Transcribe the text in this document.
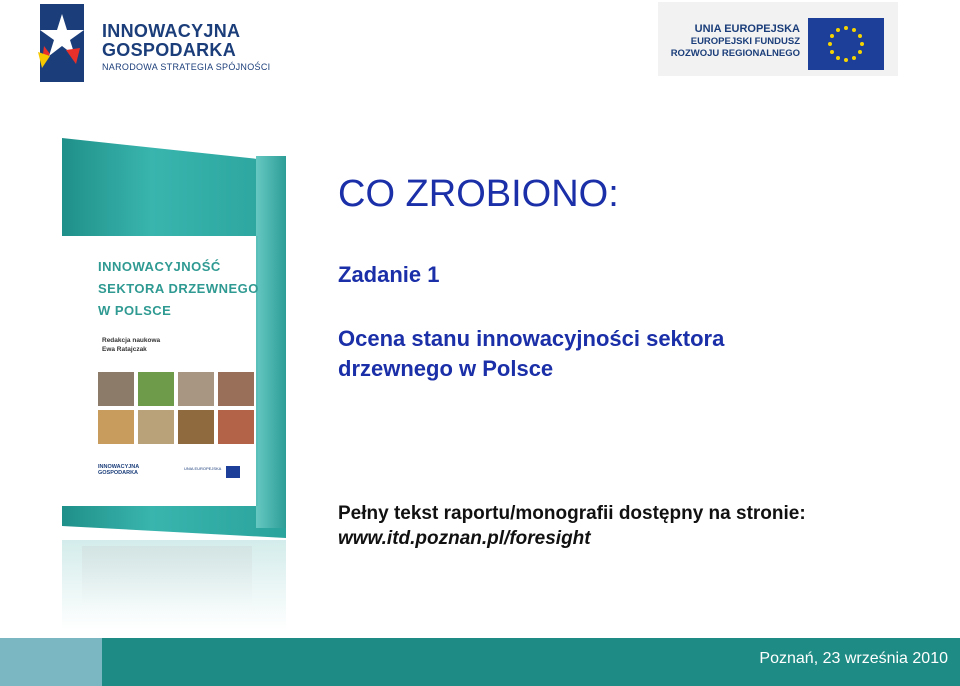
INNOWACYJNA
GOSPODARKA
NARODOWA STRATEGIA SPÓJNOŚCI
UNIA EUROPEJSKA
EUROPEJSKI FUNDUSZ
ROZWOJU REGIONALNEGO
INNOWACYJNOŚĆ
SEKTORA DRZEWNEGO
W POLSCE
Redakcja naukowa
Ewa Ratajczak
INNOWACYJNA
GOSPODARKA
UNIA EUROPEJSKA
CO ZROBIONO:
Zadanie 1
Ocena stanu innowacyjności sektora
drzewnego w Polsce
Pełny tekst raportu/monografii dostępny na stronie:
www.itd.poznan.pl/foresight
Poznań, 23 września 2010
